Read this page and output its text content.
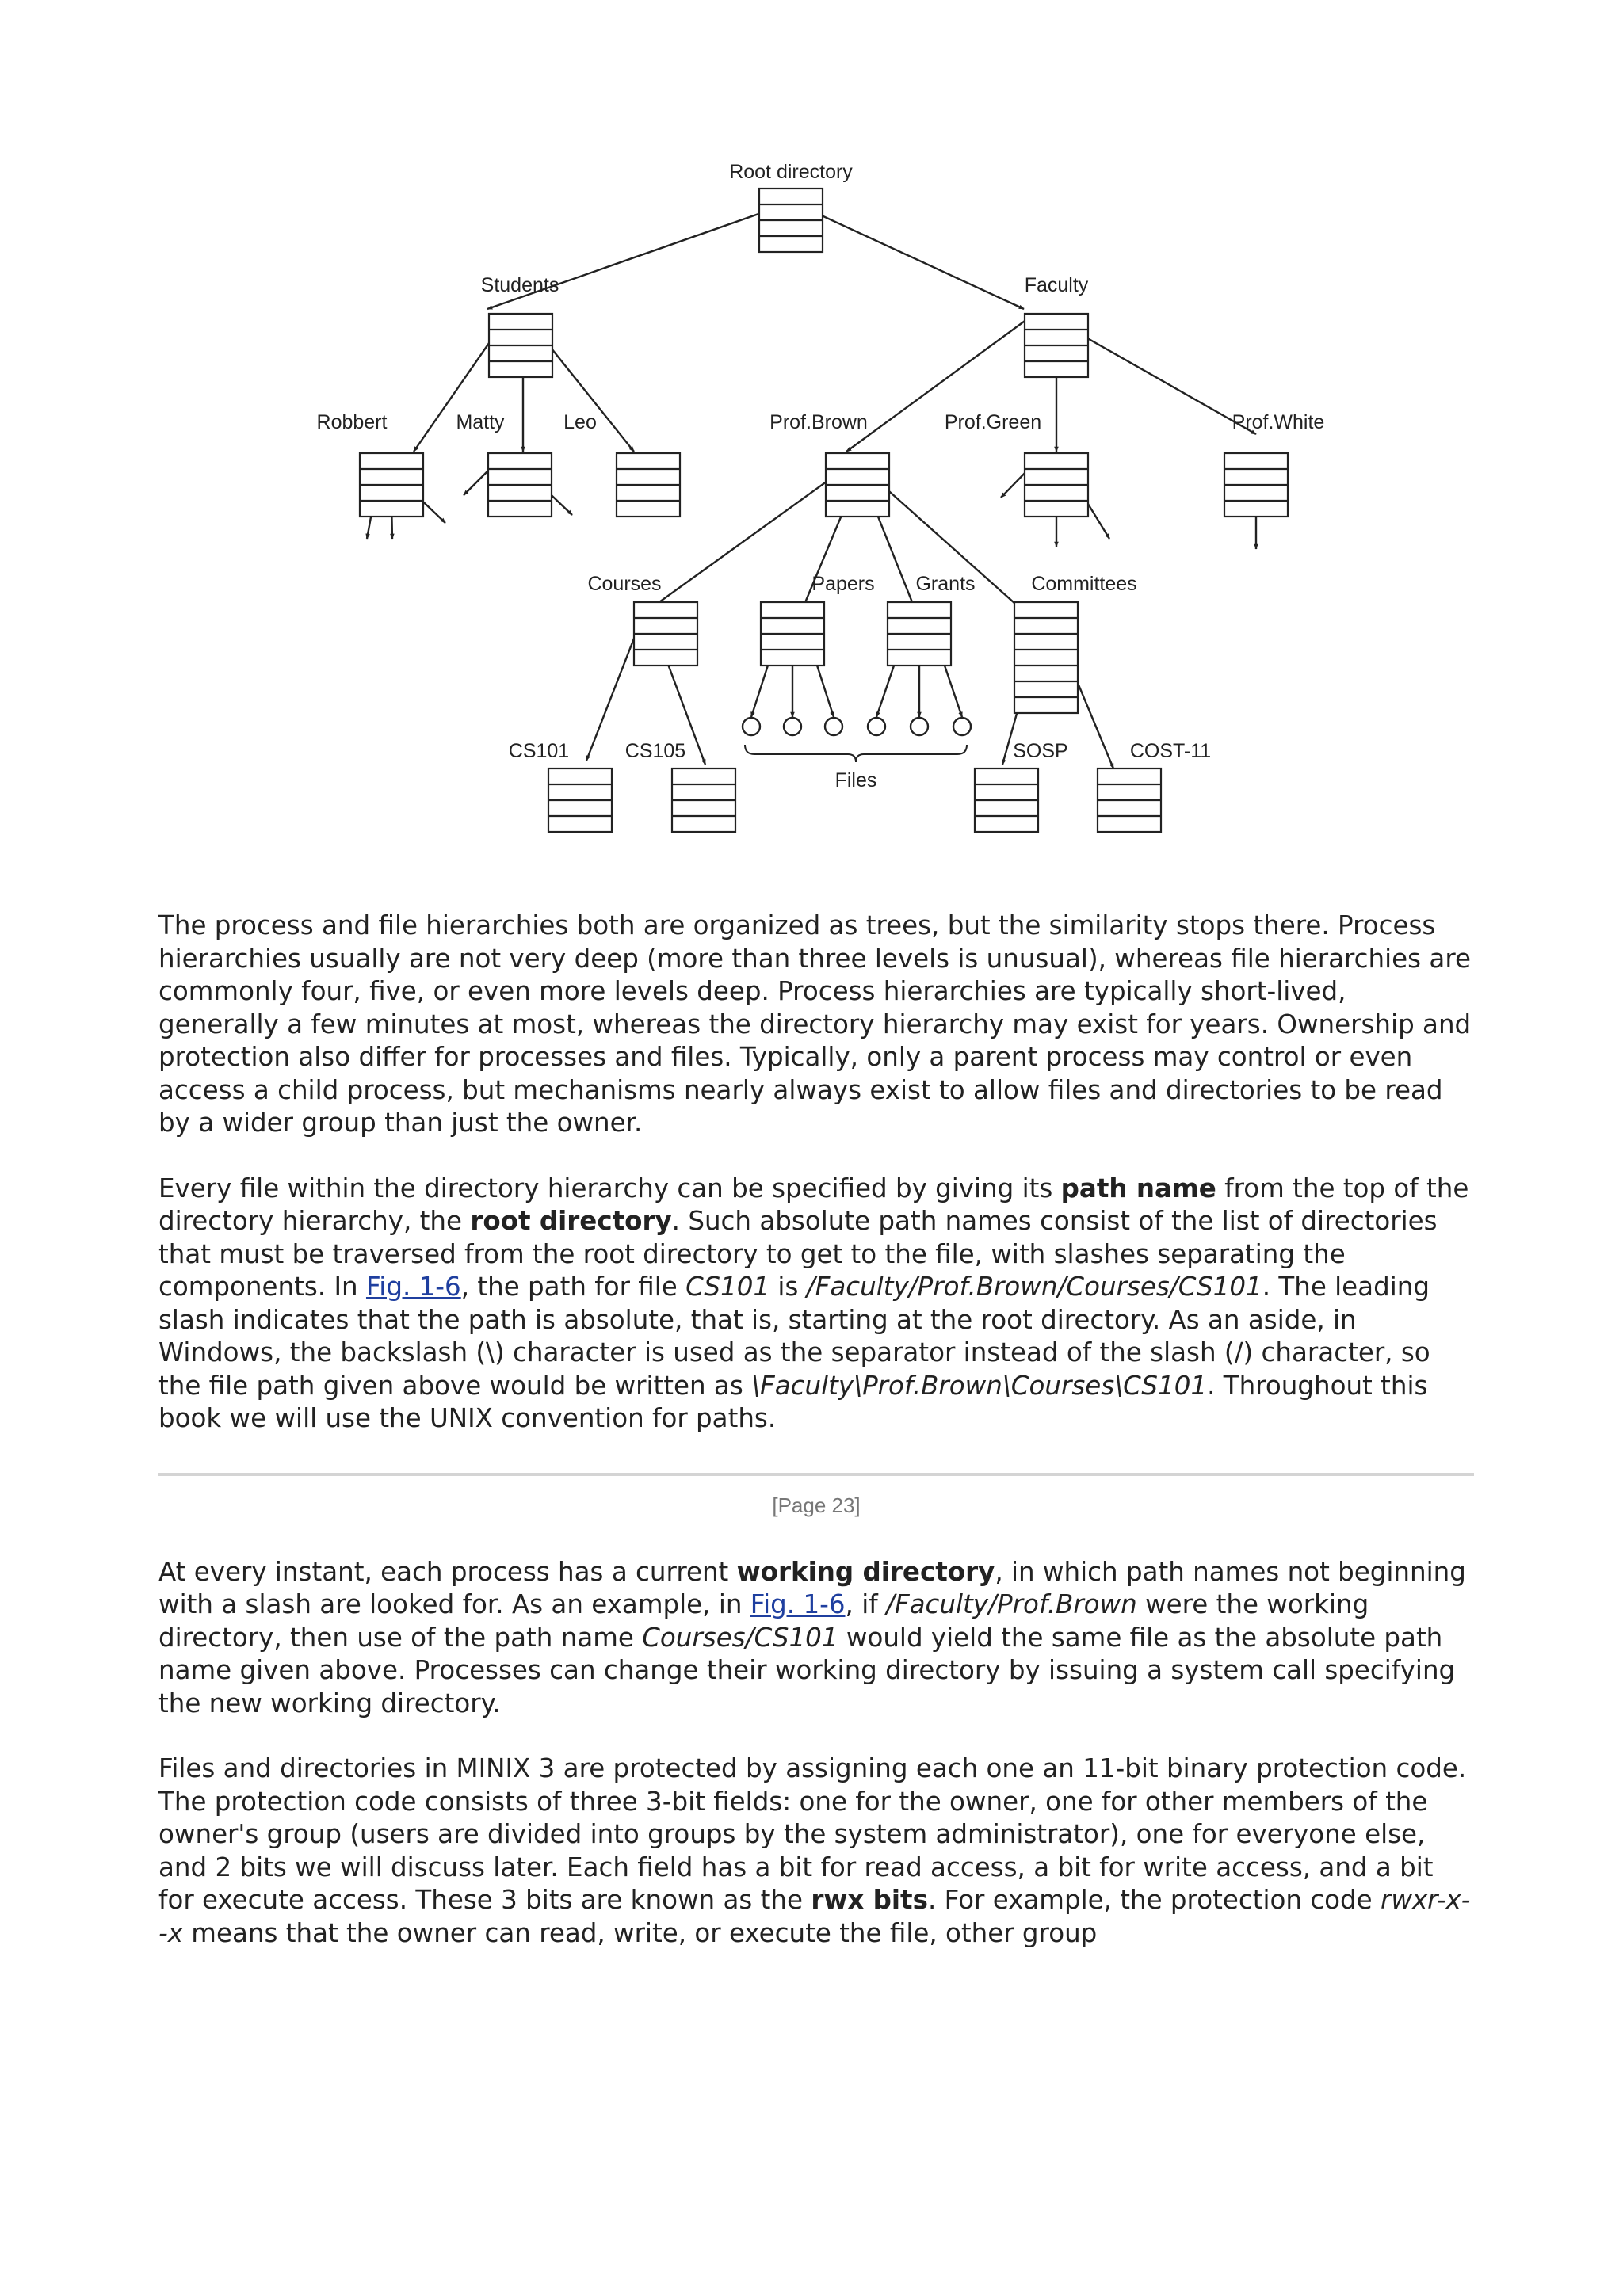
Root directory
Students	Faculty
Robbert	Matty	Leo	Prof.Brown	Prof.Green	Prof.White
Courses	Papers Grants	Committees
CS101	CS105
Files
SOSP	COST-11

The process and file hierarchies both are organized as trees, but the similarity stops there. Process hierarchies usually are not very deep (more than three levels is unusual), whereas file hierarchies are commonly four, five, or even more levels deep. Process hierarchies are typically short-lived, generally a few minutes at most, whereas the directory hierarchy may exist for years. Ownership and protection also differ for processes and files. Typically, only a parent process may control or even access a child process, but mechanisms nearly always exist to allow files and directories to be read by a wider group than just the owner.

Every file within the directory hierarchy can be specified by giving its path name from the top of the directory hierarchy, the root directory. Such absolute path names consist of the list of directories that must be traversed from the root directory to get to the file, with slashes separating the components. In Fig. 1-6, the path for file CS101 is /Faculty/Prof.Brown/Courses/CS101. The leading slash indicates that the path is absolute, that is, starting at the root directory. As an aside, in Windows, the backslash (\) character is used as the separator instead of the slash (/) character, so the file path given above would be written as \Faculty\Prof.Brown\Courses\CS101. Throughout this book we will use the UNIX convention for paths.

[Page 23]

At every instant, each process has a current working directory, in which path names not beginning with a slash are looked for. As an example, in Fig. 1-6, if /Faculty/Prof.Brown were the working directory, then use of the path name Courses/CS101 would yield the same file as the absolute path name given above. Processes can change their working directory by issuing a system call specifying the new working directory.

Files and directories in MINIX 3 are protected by assigning each one an 11-bit binary protection code. The protection code consists of three 3-bit fields: one for the owner, one for other members of the owner's group (users are divided into groups by the system administrator), one for everyone else, and 2 bits we will discuss later. Each field has a bit for read access, a bit for write access, and a bit for execute access. These 3 bits are known as the rwx bits. For example, the protection code rwxr-x--x means that the owner can read, write, or execute the file, other group
